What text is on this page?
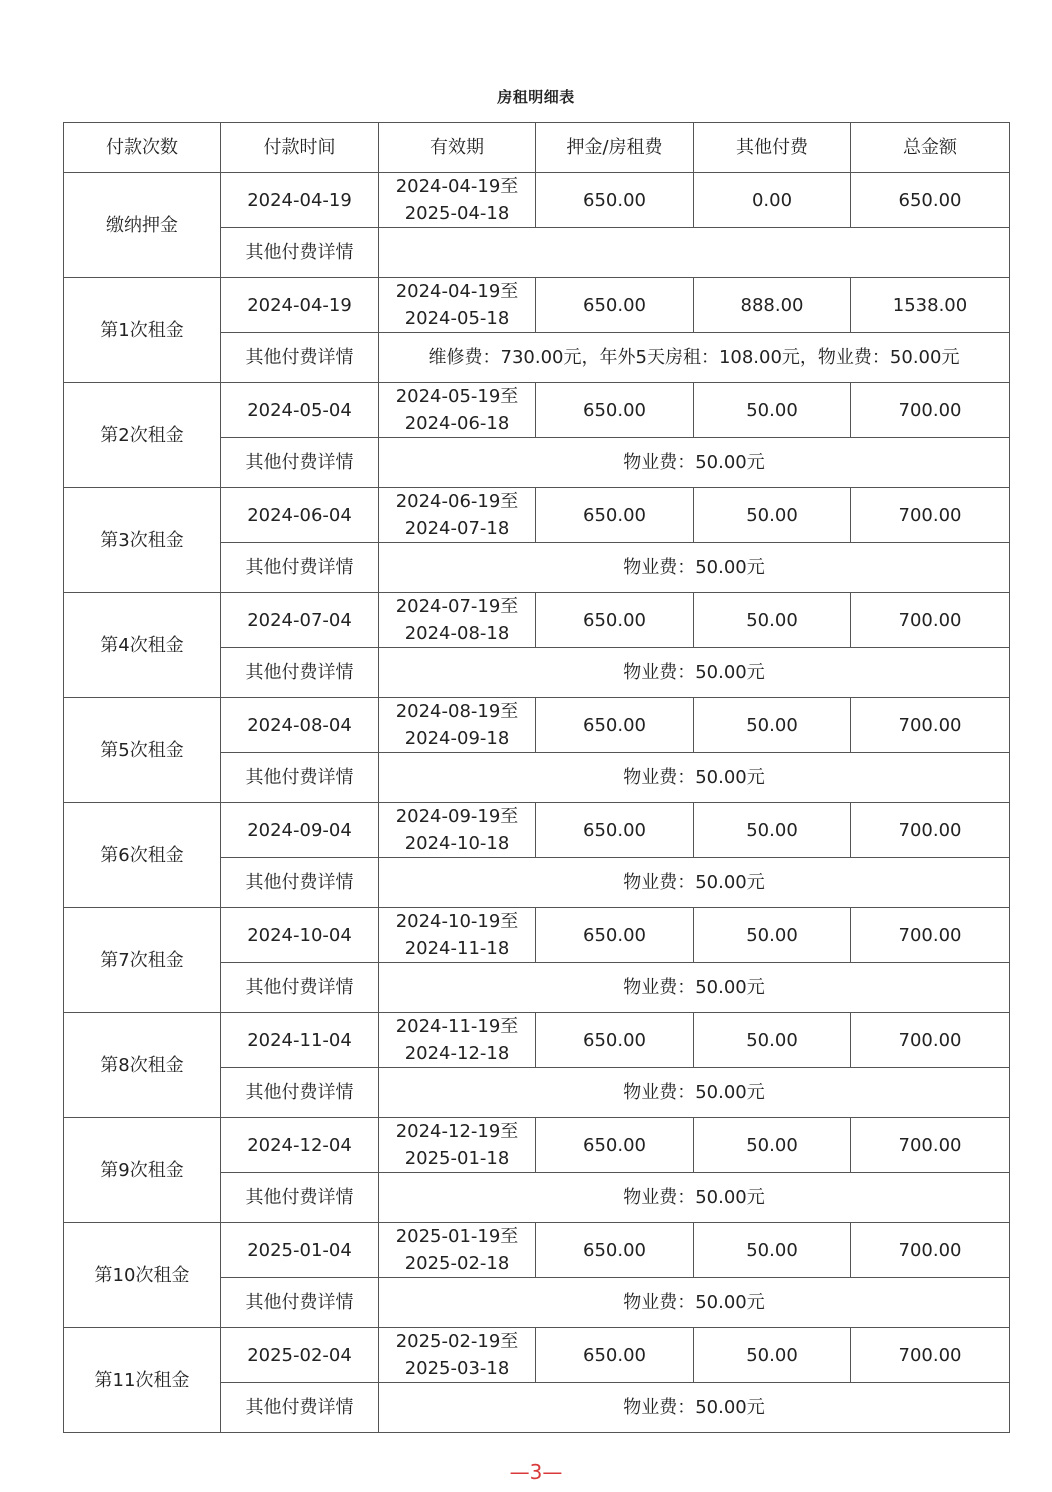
房租明细表
付款次数	付款时间	有效期	押金/房租费	其他付费	总金额
缴纳押金	2024-04-19	2024-04-19至
2025-04-18	650.00	0.00	650.00
	其他付费详情				
第1次租金	2024-04-19	2024-04-19至
2024-05-18	650.00	888.00	1538.00
	其他付费详情	维修费：730.00元，年外5天房租：108.00元，物业费：50.00元			
第2次租金	2024-05-04	2024-05-19至
2024-06-18	650.00	50.00	700.00
	其他付费详情	物业费：50.00元			
第3次租金	2024-06-04	2024-06-19至
2024-07-18	650.00	50.00	700.00
	其他付费详情	物业费：50.00元			
第4次租金	2024-07-04	2024-07-19至
2024-08-18	650.00	50.00	700.00
	其他付费详情	物业费：50.00元			
第5次租金	2024-08-04	2024-08-19至
2024-09-18	650.00	50.00	700.00
	其他付费详情	物业费：50.00元			
第6次租金	2024-09-04	2024-09-19至
2024-10-18	650.00	50.00	700.00
	其他付费详情	物业费：50.00元			
第7次租金	2024-10-04	2024-10-19至
2024-11-18	650.00	50.00	700.00
	其他付费详情	物业费：50.00元			
第8次租金	2024-11-04	2024-11-19至
2024-12-18	650.00	50.00	700.00
	其他付费详情	物业费：50.00元			
第9次租金	2024-12-04	2024-12-19至
2025-01-18	650.00	50.00	700.00
	其他付费详情	物业费：50.00元			
第10次租金	2025-01-04	2025-01-19至
2025-02-18	650.00	50.00	700.00
	其他付费详情	物业费：50.00元			
第11次租金	2025-02-04	2025-02-19至
2025-03-18	650.00	50.00	700.00
	其他付费详情	物业费：50.00元			
—3—
